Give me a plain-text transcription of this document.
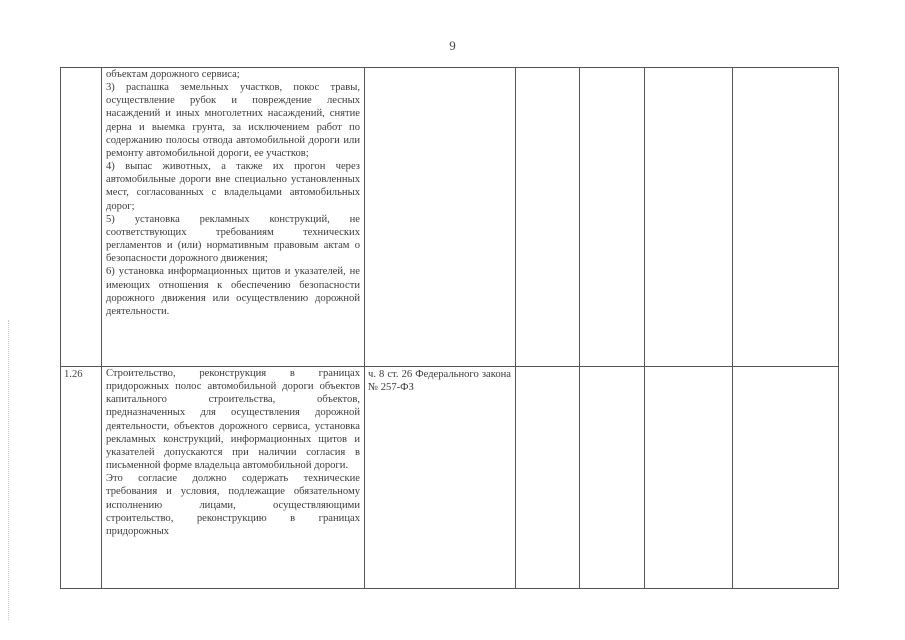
9

	объектам дорожного сервиса;

3) распашка земельных участков, покос травы, осуществление рубок и повреждение лесных насаждений и иных многолетних насаждений, снятие дерна и выемка грунта, за исключением работ по содержанию полосы отвода автомобильной дороги или ремонту автомобильной дороги, ее участков;

4) выпас животных, а также их прогон через автомобильные дороги вне специально установленных мест, согласованных с владельцами автомобильных дорог;

5) установка рекламных конструкций, не соответствующих требованиям технических регламентов и (или) нормативным правовым актам о безопасности дорожного движения;

6) установка информационных щитов и указателей, не имеющих отношения к обеспечению безопасности дорожного движения или осуществлению дорожной деятельности.					

1.26	Строительство, реконструкция в границах придорожных полос автомобильной дороги объектов капитального строительства, объектов, предназначенных для осуществления дорожной деятельности, объектов дорожного сервиса, установка рекламных конструкций, информационных щитов и указателей допускаются при наличии согласия в письменной форме владельца автомобильной дороги.

Это согласие должно содержать технические требования и условия, подлежащие обязательному исполнению лицами, осуществляющими строительство, реконструкцию в границах придорожных	ч. 8 ст. 26 Федерального закона № 257-ФЗ				
